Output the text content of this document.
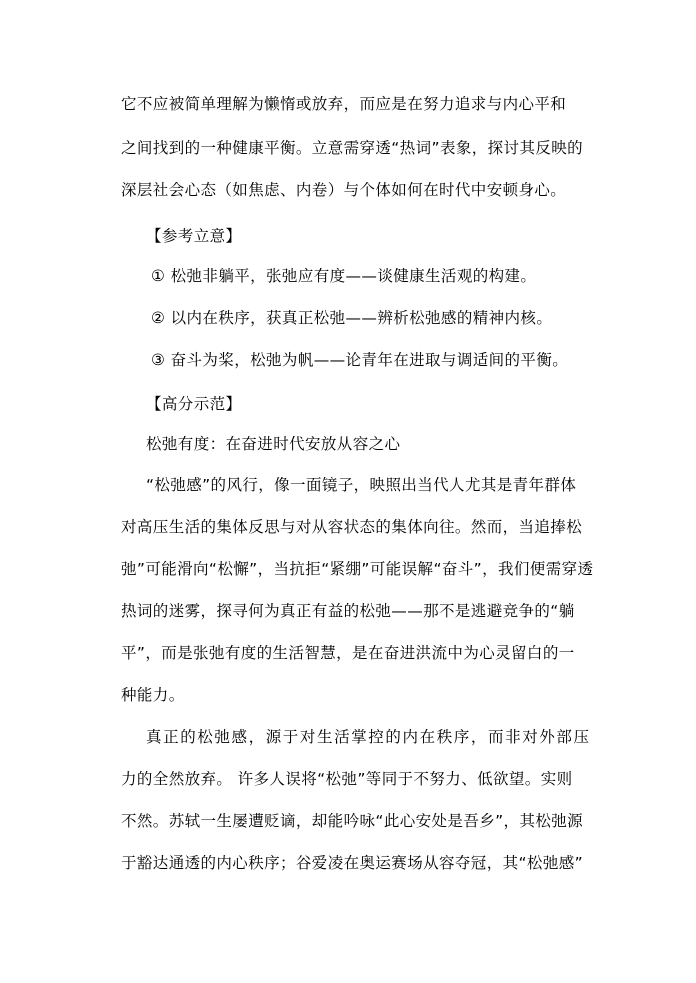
它不应被简单理解为懒惰或放弃，而应是在努力追求与内心平和
之间找到的一种健康平衡。立意需穿透“热词”表象，探讨其反映的
深层社会心态（如焦虑、内卷）与个体如何在时代中安顿身心。
【参考立意】
① 松弛非躺平，张弛应有度——谈健康生活观的构建。
② 以内在秩序，获真正松弛——辨析松弛感的精神内核。
③ 奋斗为桨，松弛为帆——论青年在进取与调适间的平衡。
【高分示范】
松弛有度：在奋进时代安放从容之心
“松弛感”的风行，像一面镜子，映照出当代人尤其是青年群体
对高压生活的集体反思与对从容状态的集体向往。然而，当追捧松
弛”可能滑向“松懈”，当抗拒“紧绷”可能误解“奋斗”，我们便需穿透
热词的迷雾，探寻何为真正有益的松弛——那不是逃避竞争的“躺
平”，而是张弛有度的生活智慧，是在奋进洪流中为心灵留白的一
种能力。
真正的松弛感，源于对生活掌控的内在秩序，而非对外部压
力的全然放弃。 许多人误将“松弛”等同于不努力、低欲望。实则
不然。苏轼一生屡遭贬谪，却能吟咏“此心安处是吾乡”，其松弛源
于豁达通透的内心秩序；谷爱凌在奥运赛场从容夺冠，其“松弛感”
